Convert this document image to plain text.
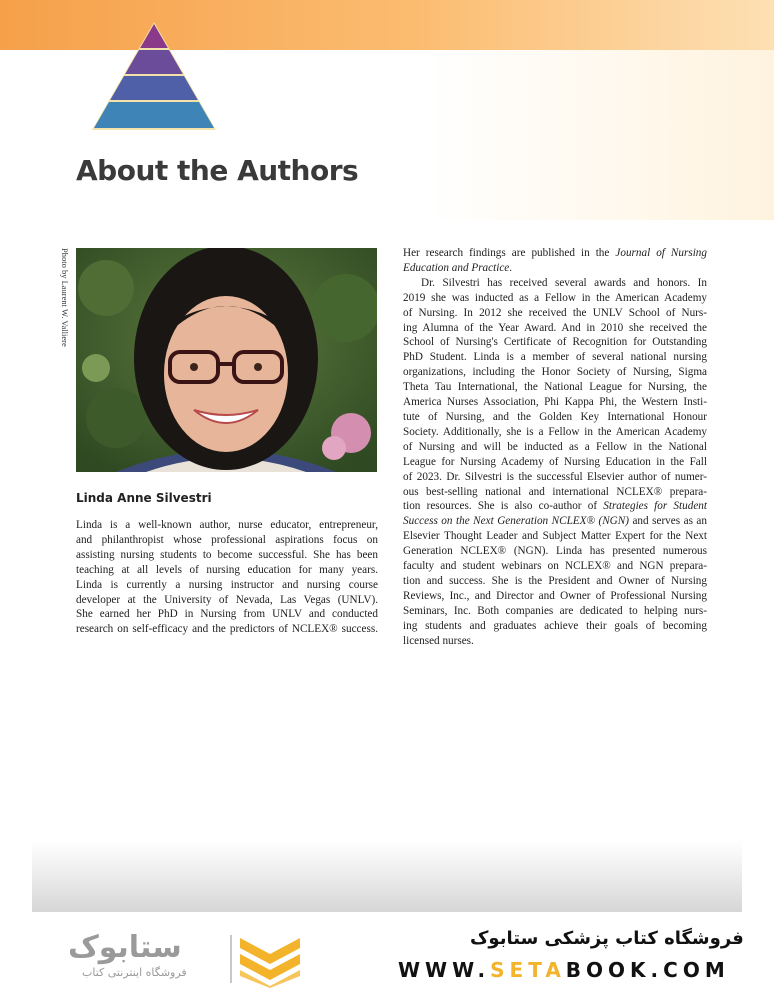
About the Authors
Photo by Laurent W. Valliere
Linda Anne Silvestri
Linda is a well-known author, nurse educator, entrepreneur,
and philanthropist whose professional aspirations focus on
assisting nursing students to become successful. She has been
teaching at all levels of nursing education for many years.
Linda is currently a nursing instructor and nursing course
developer at the University of Nevada, Las Vegas (UNLV).
She earned her PhD in Nursing from UNLV and conducted
research on self-efficacy and the predictors of NCLEX® success.

Her research findings are published in the Journal of Nursing Education and Practice.

Dr. Silvestri has received several awards and honors. In
2019 she was inducted as a Fellow in the American Academy
of Nursing. In 2012 she received the UNLV School of Nurs-
ing Alumna of the Year Award. And in 2010 she received the
School of Nursing's Certificate of Recognition for Outstanding
PhD Student. Linda is a member of several national nursing
organizations, including the Honor Society of Nursing, Sigma
Theta Tau International, the National League for Nursing, the
America Nurses Association, Phi Kappa Phi, the Western Insti-
tute of Nursing, and the Golden Key International Honour
Society. Additionally, she is a Fellow in the American Academy
of Nursing and will be inducted as a Fellow in the National
League for Nursing Academy of Nursing Education in the Fall
of 2023. Dr. Silvestri is the successful Elsevier author of numer-
ous best-selling national and international NCLEX® prepara-
tion resources. She is also co-author of Strategies for Student
Success on the Next Generation NCLEX® (NGN) and serves as an
Elsevier Thought Leader and Subject Matter Expert for the Next
Generation NCLEX® (NGN). Linda has presented numerous
faculty and student webinars on NCLEX® and NGN prepara-
tion and success. She is the President and Owner of Nursing
Reviews, Inc., and Director and Owner of Professional Nursing
Seminars, Inc. Both companies are dedicated to helping nurs-
ing students and graduates achieve their goals of becoming
licensed nurses.
ستابوک
فروشگاه اینترنتی کتاب
فروشگاه کتاب پزشکی ستابوک
WWW.SETABOOK.COM
